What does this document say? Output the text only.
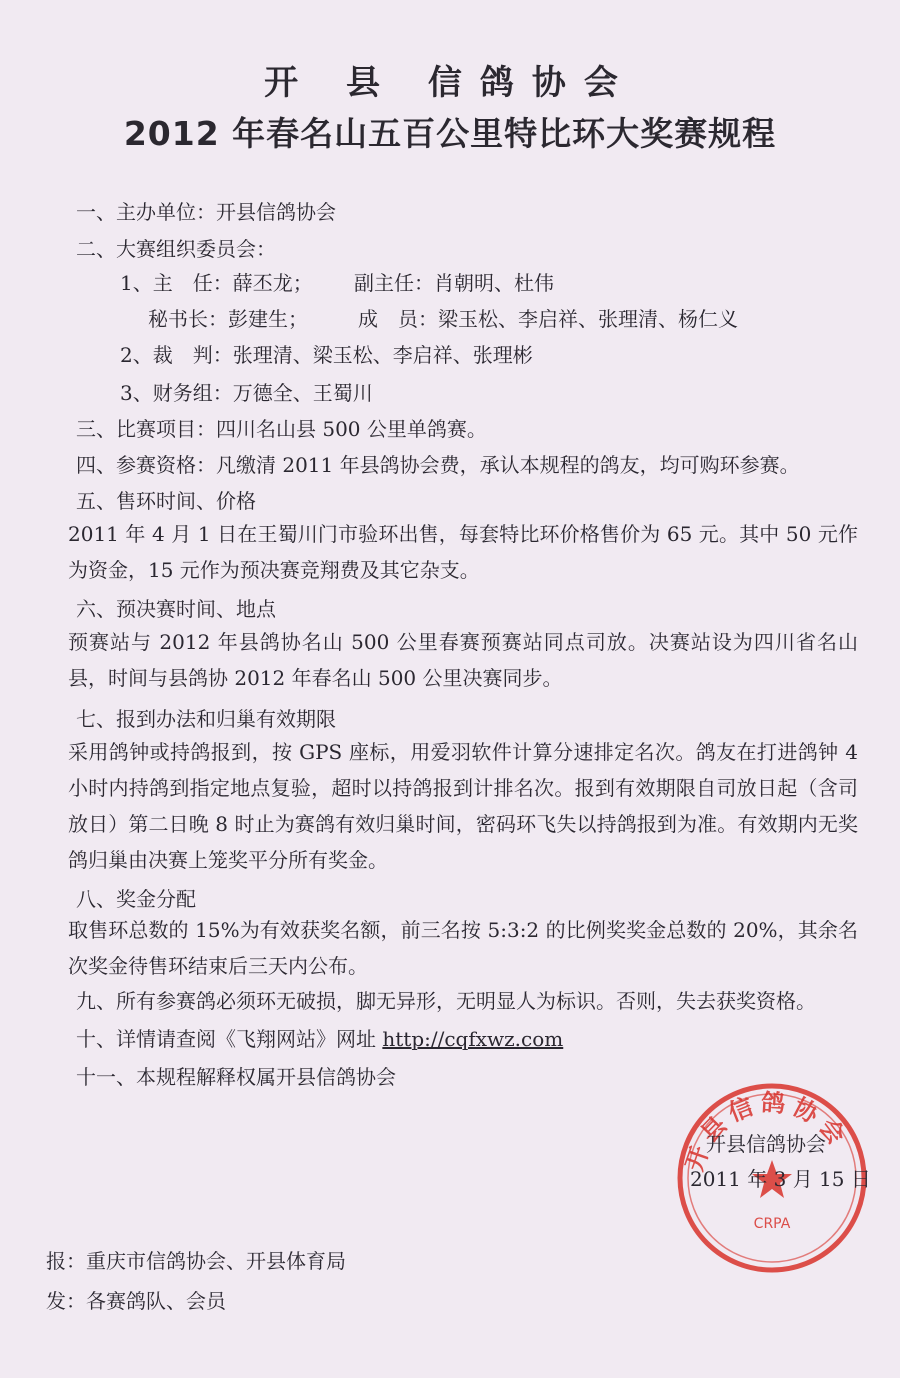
开 县 信鸽协会
2012 年春名山五百公里特比环大奖赛规程
一、主办单位：开县信鸽协会
二、大赛组织委员会：
1、主　任：薛丕龙； 副主任：肖朝明、杜伟
秘书长：彭建生；	成　员：梁玉松、李启祥、张理清、杨仁义
2、裁　判：张理清、梁玉松、李启祥、张理彬
3、财务组：万德全、王蜀川
三、比赛项目：四川名山县 500 公里单鸽赛。
四、参赛资格：凡缴清 2011 年县鸽协会费，承认本规程的鸽友，均可购环参赛。
五、售环时间、价格
2011 年 4 月 1 日在王蜀川门市验环出售，每套特比环价格售价为 65 元。其中 50 元作为资金，15 元作为预决赛竞翔费及其它杂支。
六、预决赛时间、地点
预赛站与 2012 年县鸽协名山 500 公里春赛预赛站同点司放。决赛站设为四川省名山县，时间与县鸽协 2012 年春名山 500 公里决赛同步。
七、报到办法和归巢有效期限
采用鸽钟或持鸽报到，按 GPS 座标，用爱羽软件计算分速排定名次。鸽友在打进鸽钟 4 小时内持鸽到指定地点复验，超时以持鸽报到计排名次。报到有效期限自司放日起（含司放日）第二日晚 8 时止为赛鸽有效归巢时间，密码环飞失以持鸽报到为准。有效期内无奖鸽归巢由决赛上笼奖平分所有奖金。
八、奖金分配
取售环总数的 15%为有效获奖名额，前三名按 5:3:2 的比例奖奖金总数的 20%，其余名次奖金待售环结束后三天内公布。
九、所有参赛鸽必须环无破损，脚无异形，无明显人为标识。否则，失去获奖资格。
十、详情请查阅《飞翔网站》网址 http://cqfxwz.com
十一、本规程解释权属开县信鸽协会
开县信鸽协会
CRPA
开县信鸽协会
2011 年 3 月 15 日
报：重庆市信鸽协会、开县体育局
发：各赛鸽队、会员
